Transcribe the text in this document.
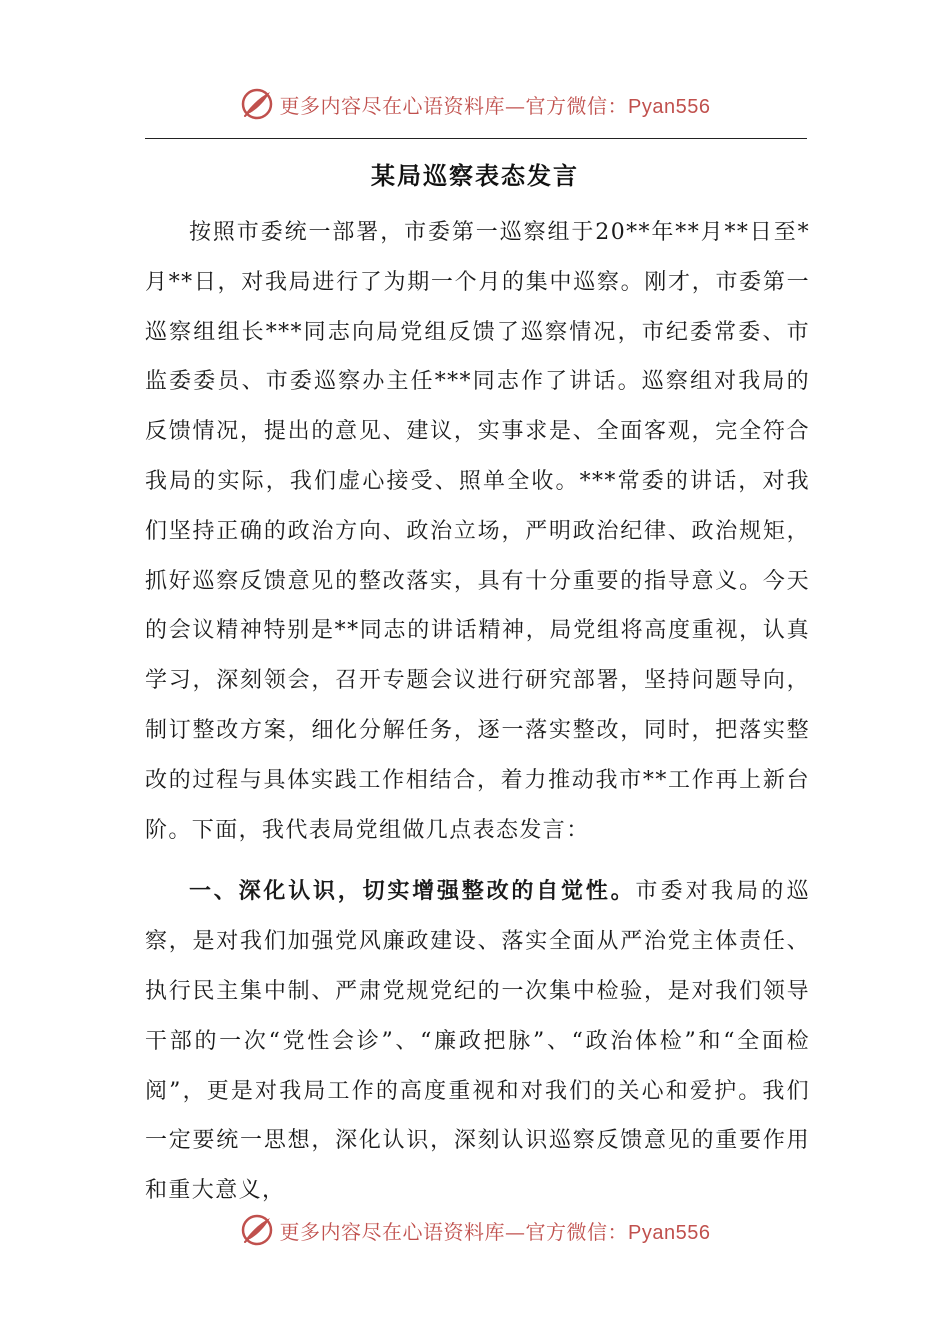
更多内容尽在心语资料库—官方微信：Pyan556
某局巡察表态发言

按照市委统一部署，市委第一巡察组于20**年**月**日至*月**日，对我局进行了为期一个月的集中巡察。刚才，市委第一巡察组组长***同志向局党组反馈了巡察情况，市纪委常委、市监委委员、市委巡察办主任***同志作了讲话。巡察组对我局的反馈情况，提出的意见、建议，实事求是、全面客观，完全符合我局的实际，我们虚心接受、照单全收。***常委的讲话，对我们坚持正确的政治方向、政治立场，严明政治纪律、政治规矩，抓好巡察反馈意见的整改落实，具有十分重要的指导意义。今天的会议精神特别是**同志的讲话精神，局党组将高度重视，认真学习，深刻领会，召开专题会议进行研究部署，坚持问题导向，制订整改方案，细化分解任务，逐一落实整改，同时，把落实整改的过程与具体实践工作相结合，着力推动我市**工作再上新台阶。下面，我代表局党组做几点表态发言：

一、深化认识，切实增强整改的自觉性。市委对我局的巡察，是对我们加强党风廉政建设、落实全面从严治党主体责任、执行民主集中制、严肃党规党纪的一次集中检验，是对我们领导干部的一次“党性会诊”、“廉政把脉”、“政治体检”和“全面检阅”，更是对我局工作的高度重视和对我们的关心和爱护。我们一定要统一思想，深化认识，深刻认识巡察反馈意见的重要作用和重大意义，

更多内容尽在心语资料库—官方微信：Pyan556
